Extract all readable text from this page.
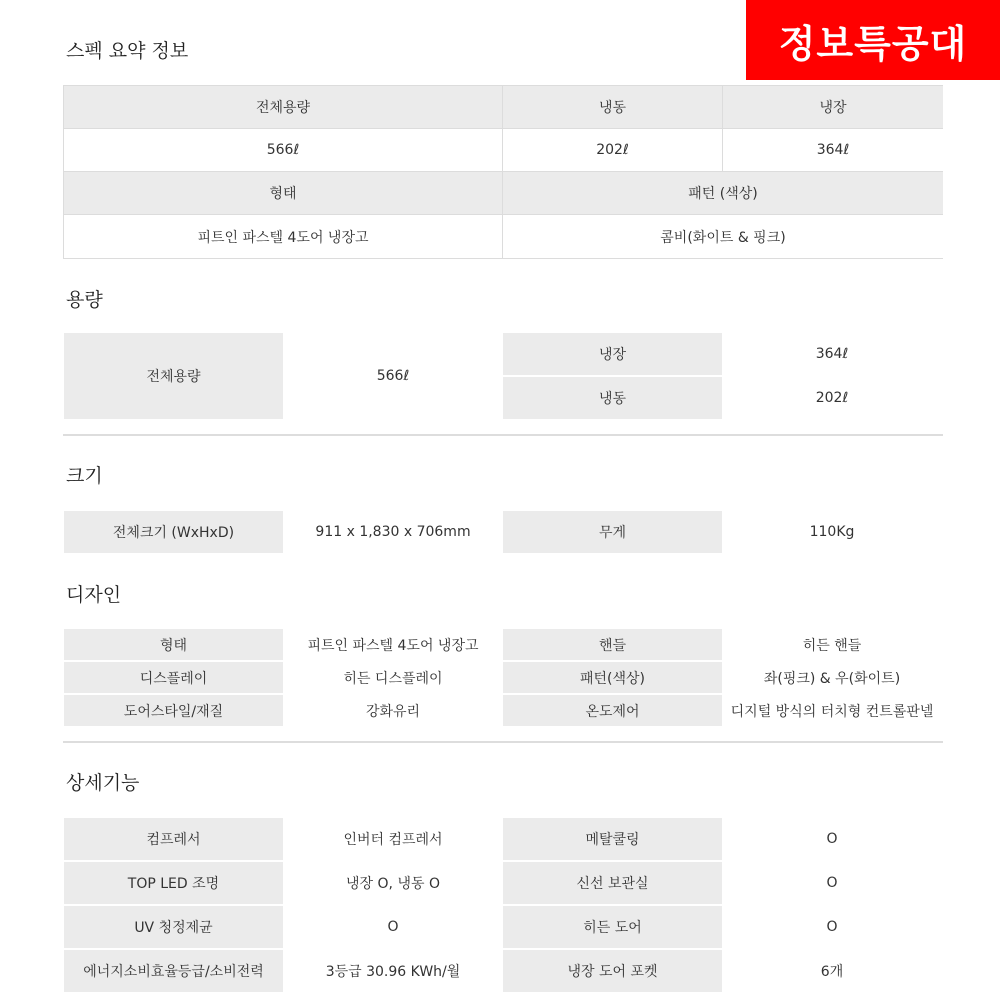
정보특공대
스펙 요약 정보
전체용량	냉동	냉장
566ℓ	202ℓ	364ℓ
형태	패턴 (색상)
피트인 파스텔 4도어 냉장고	콤비(화이트 & 핑크)
용량
전체용량	566ℓ
냉장	364ℓ
냉동	202ℓ
크기
전체크기 (WxHxD)	911 x 1,830 x 706mm	무게	110Kg
디자인
형태	피트인 파스텔 4도어 냉장고	핸들	히든 핸들
디스플레이	히든 디스플레이	패턴(색상)	좌(핑크) & 우(화이트)
도어스타일/재질	강화유리	온도제어	디지털 방식의 터치형 컨트롤판넬
상세기능
컴프레서	인버터 컴프레서	메탈쿨링	O
TOP LED 조명	냉장 O, 냉동 O	신선 보관실	O
UV 청정제균	O	히든 도어	O
에너지소비효율등급/소비전력	3등급 30.96 KWh/월	냉장 도어 포켓	6개
